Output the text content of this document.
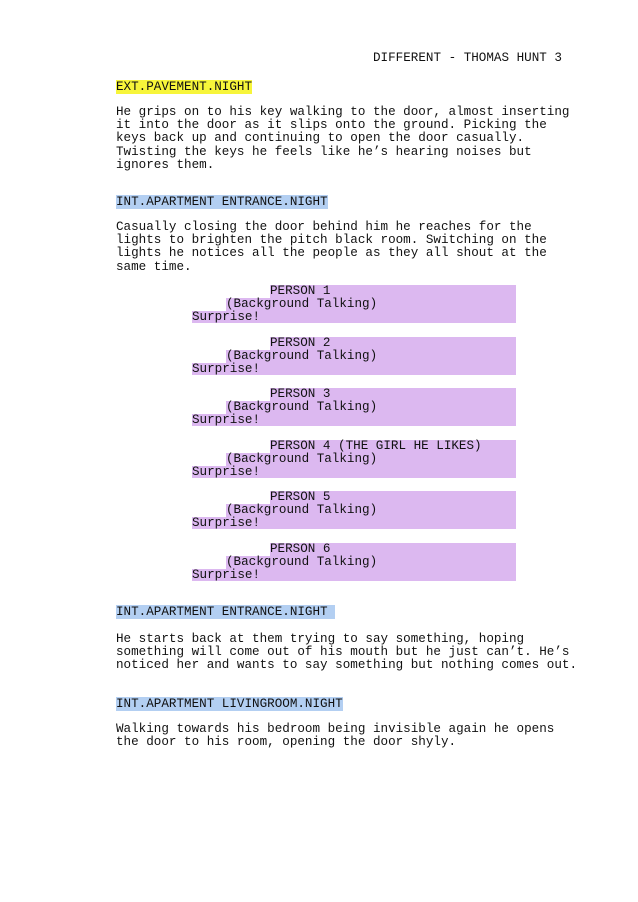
DIFFERENT - THOMAS HUNT 3
EXT.PAVEMENT.NIGHT

He grips on to his key walking to the door, almost inserting

it into the door as it slips onto the ground. Picking the

keys back up and continuing to open the door casually.

Twisting the keys he feels like he’s hearing noises but

ignores them.

INT.APARTMENT ENTRANCE.NIGHT

Casually closing the door behind him he reaches for the

lights to brighten the pitch black room. Switching on the

lights he notices all the people as they all shout at the

same time.

PERSON 1
(Background Talking)
Surprise!
PERSON 2
(Background Talking)
Surprise!
PERSON 3
(Background Talking)
Surprise!
PERSON 4 (THE GIRL HE LIKES)
(Background Talking)
Surprise!
PERSON 5
(Background Talking)
Surprise!
PERSON 6
(Background Talking)
Surprise!
INT.APARTMENT ENTRANCE.NIGHT

He starts back at them trying to say something, hoping

something will come out of his mouth but he just can’t. He’s

noticed her and wants to say something but nothing comes out.

INT.APARTMENT LIVINGROOM.NIGHT

Walking towards his bedroom being invisible again he opens

the door to his room, opening the door shyly.
